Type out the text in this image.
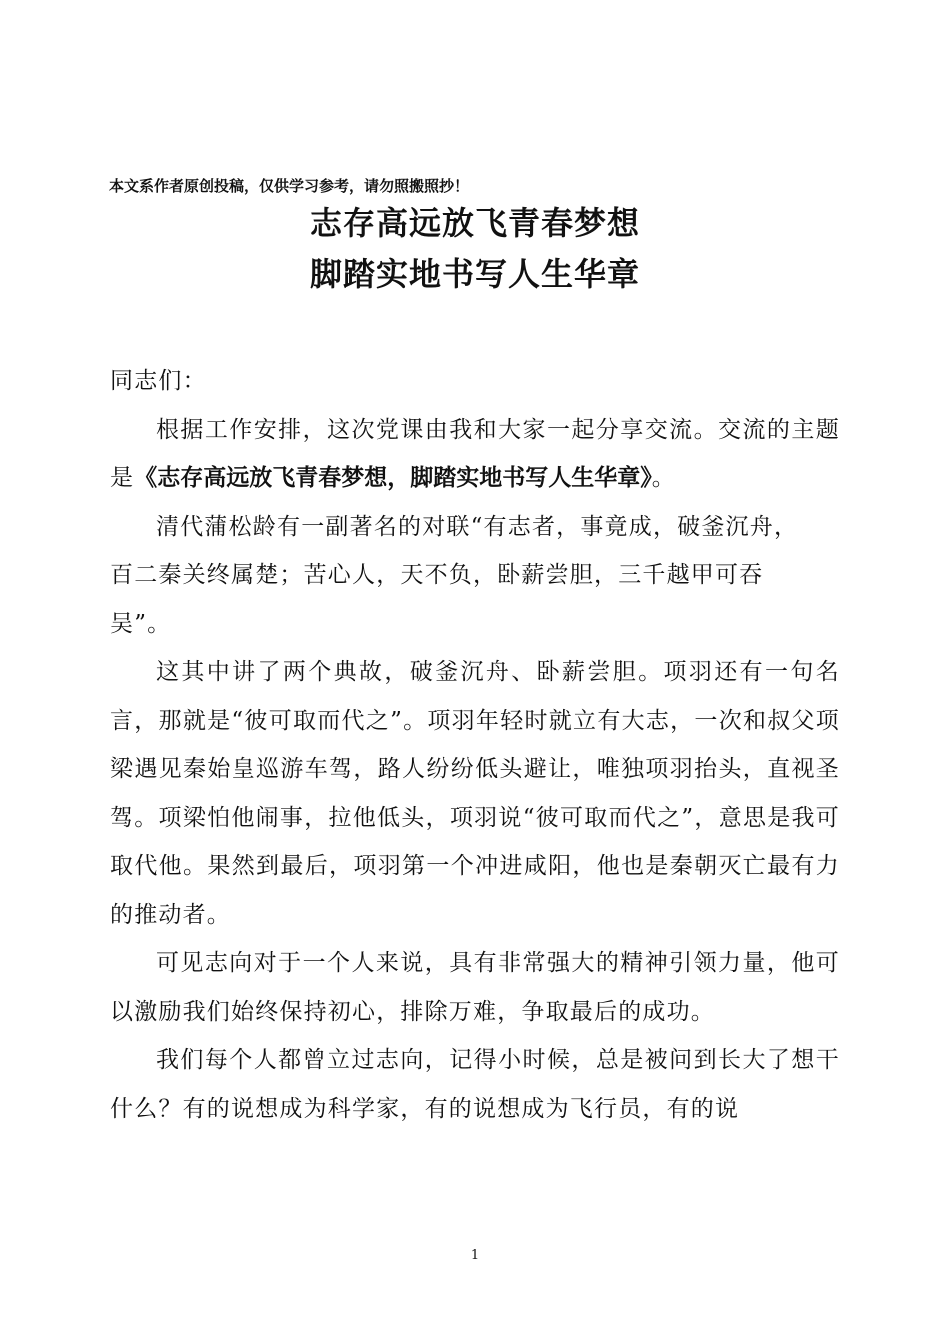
本文系作者原创投稿，仅供学习参考，请勿照搬照抄！
志存高远放飞青春梦想
脚踏实地书写人生华章

同志们：

根据工作安排，这次党课由我和大家一起分享交流。交流的主题是《志存高远放飞青春梦想，脚踏实地书写人生华章》。

清代蒲松龄有一副著名的对联“有志者，事竟成，破釜沉舟，
百二秦关终属楚；苦心人，天不负，卧薪尝胆，三千越甲可吞
吴”。

这其中讲了两个典故，破釜沉舟、卧薪尝胆。项羽还有一句名言，那就是“彼可取而代之”。项羽年轻时就立有大志，一次和叔父项梁遇见秦始皇巡游车驾，路人纷纷低头避让，唯独项羽抬头，直视圣驾。项梁怕他闹事，拉他低头，项羽说“彼可取而代之”，意思是我可取代他。果然到最后，项羽第一个冲进咸阳，他也是秦朝灭亡最有力的推动者。

可见志向对于一个人来说，具有非常强大的精神引领力量，他可以激励我们始终保持初心，排除万难，争取最后的成功。

我们每个人都曾立过志向，记得小时候，总是被问到长大了想干什么？有的说想成为科学家，有的说想成为飞行员，有的说

1
